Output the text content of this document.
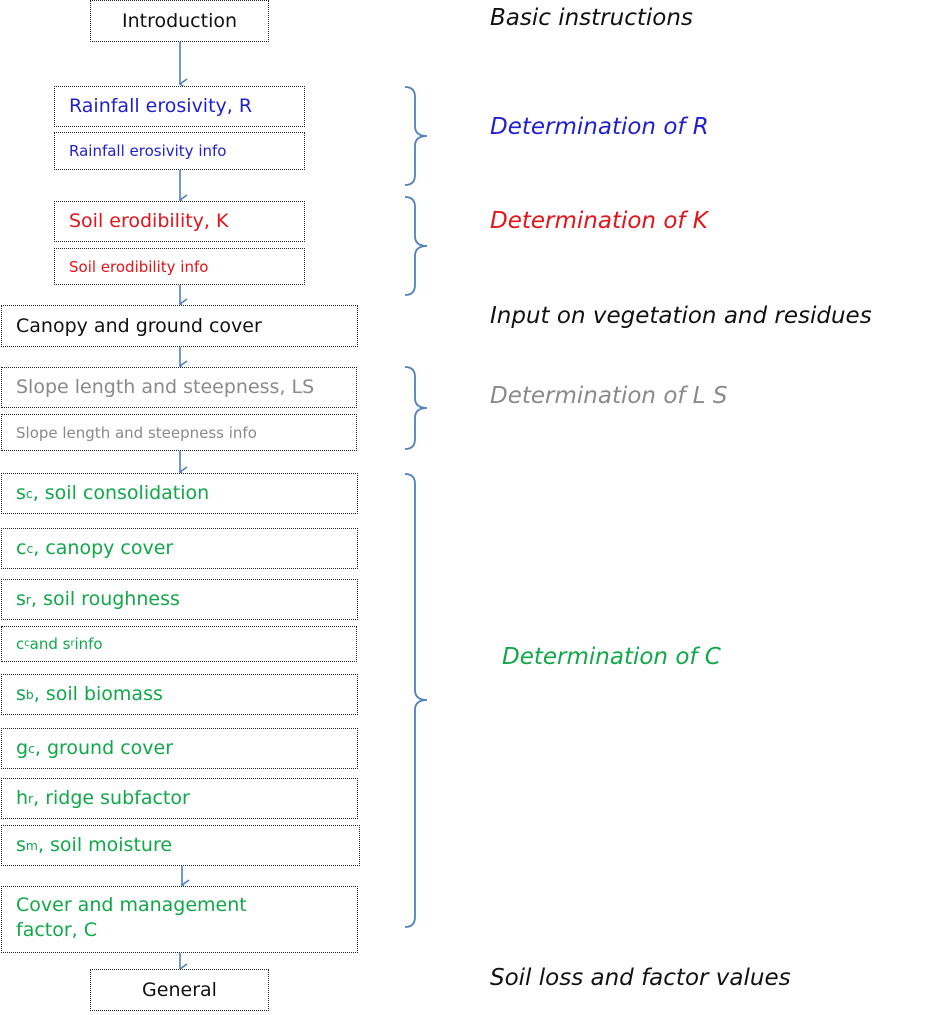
Introduction
Rainfall erosivity, R
Rainfall erosivity info
Soil erodibility, K
Soil erodibility info
Canopy and ground cover
Slope length and steepness, LS
Slope length and steepness info
s c , soil consolidation
c c , canopy cover
s r , soil roughness
c c and s r info
s b , soil biomass
g c , ground cover
h r , ridge subfactor
s m , soil moisture
Cover and management factor, C
General
Basic instructions
Determination of R
Determination of K
Input on vegetation and residues
Determination of L S
Determination of C
Soil loss and factor values
